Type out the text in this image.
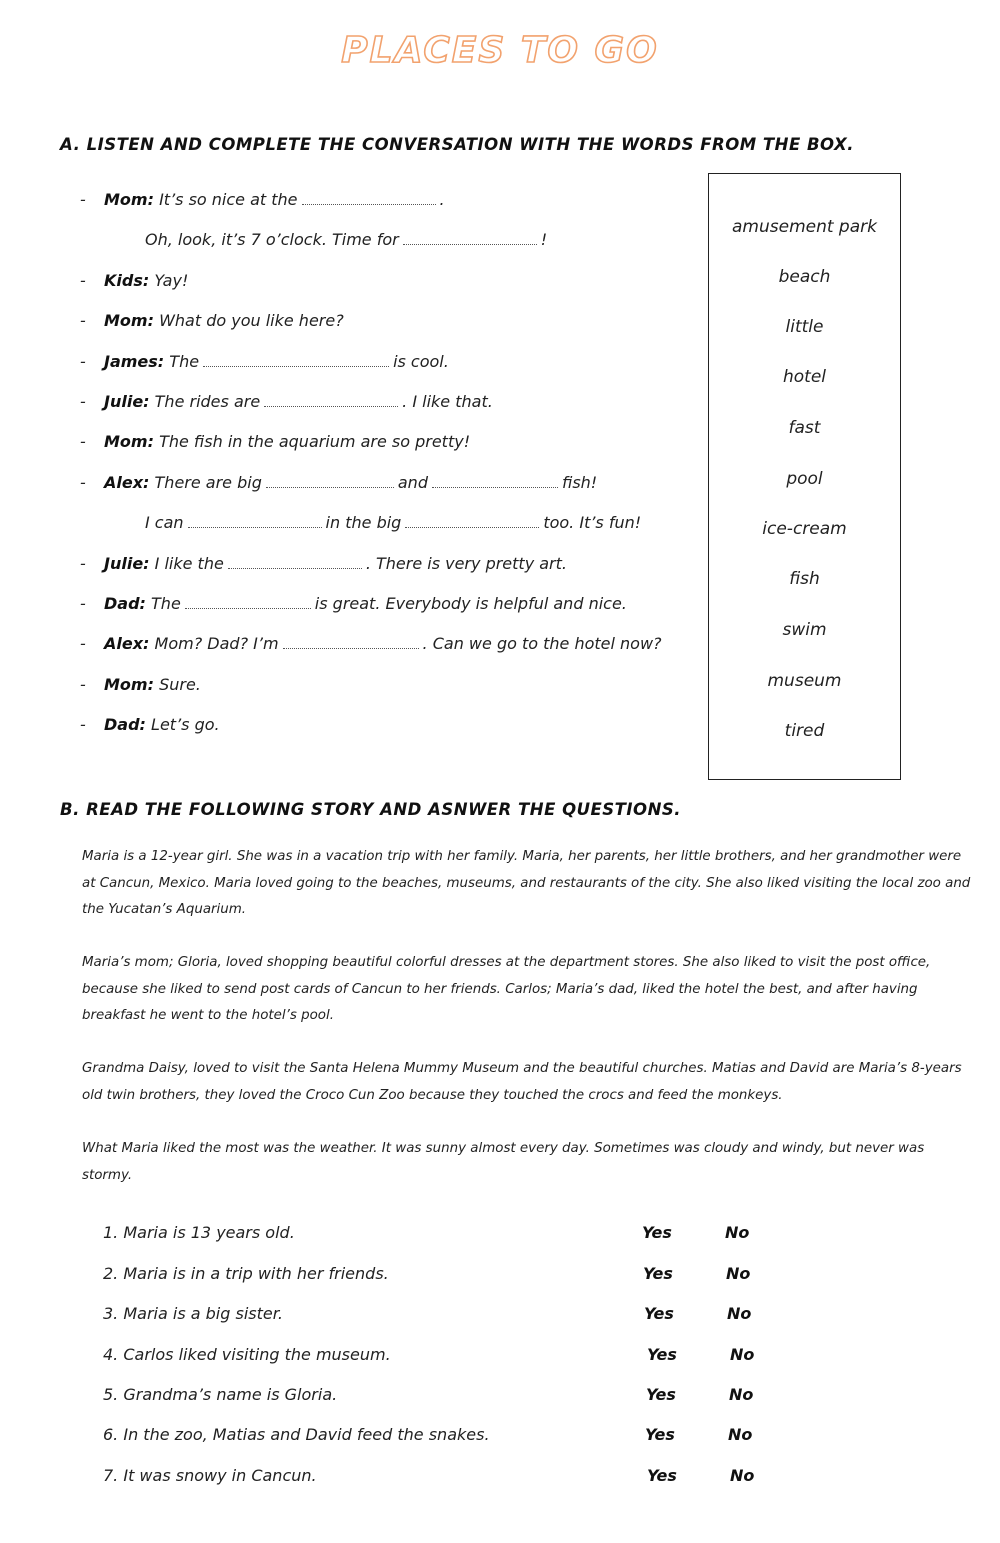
PLACES TO GO
A. LISTEN AND COMPLETE THE CONVERSATION WITH THE WORDS FROM THE BOX.
- Mom: It’s so nice at the	.
Oh, look, it’s 7 o’clock. Time for	!
- Kids: Yay!
- Mom: What do you like here?
- James: The	is cool.
- Julie: The rides are	. I like that.
- Mom: The fish in the aquarium are so pretty!
- Alex: There are big	and	fish!
I can	in the big	too. It’s fun!
- Julie: I like the	. There is very pretty art.
- Dad: The	is great. Everybody is helpful and nice.
- Alex: Mom? Dad? I’m	. Can we go to the hotel now?
- Mom: Sure.
- Dad: Let’s go.
amusement park
beach
little
hotel
fast
pool
ice-cream
fish
swim
museum
tired
B. READ THE FOLLOWING STORY AND ASNWER THE QUESTIONS.
Maria is a 12-year girl. She was in a vacation trip with her family. Maria, her parents, her little brothers, and her grandmother were at Cancun, Mexico. Maria loved going to the beaches, museums, and restaurants of the city. She also liked visiting the local zoo and the Yucatan’s Aquarium.
Maria’s mom; Gloria, loved shopping beautiful colorful dresses at the department stores. She also liked to visit the post office, because she liked to send post cards of Cancun to her friends. Carlos; Maria’s dad, liked the hotel the best, and after having breakfast he went to the hotel’s pool.
Grandma Daisy, loved to visit the Santa Helena Mummy Museum and the beautiful churches. Matias and David are Maria’s 8-years old twin brothers, they loved the Croco Cun Zoo because they touched the crocs and feed the monkeys.
What Maria liked the most was the weather. It was sunny almost every day. Sometimes was cloudy and windy, but never was stormy.
1. Maria is 13 years old.	Yes	No
2. Maria is in a trip with her friends.	Yes	No
3. Maria is a big sister.	Yes	No
4. Carlos liked visiting the museum.	Yes	No
5. Grandma’s name is Gloria.	Yes	No
6. In the zoo, Matias and David feed the snakes.	Yes	No
7. It was snowy in Cancun.	Yes	No
